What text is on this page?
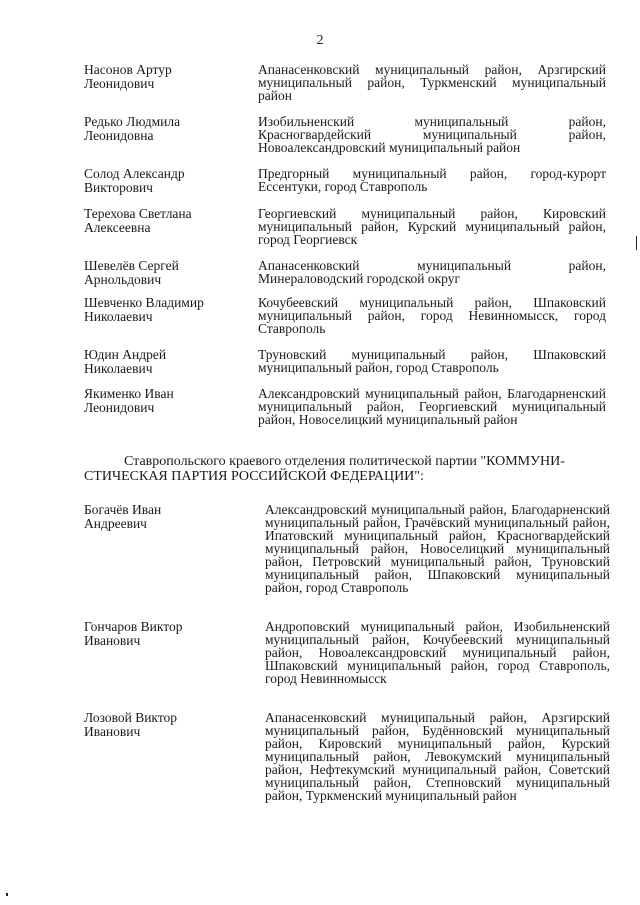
2
Насонов Артур
Леонидович
Апанасенковский муниципальный район, Арзгирский муниципальный район, Туркменский муниципальный район
Редько Людмила
Леонидовна
Изобильненский муниципальный район, Красногвардейский муниципальный район, Новоалександровский муниципальный район
Солод Александр
Викторович
Предгорный муниципальный район, город-курорт Ессентуки, город Ставрополь
Терехова Светлана
Алексеевна
Георгиевский муниципальный район, Кировский муниципальный район, Курский муниципальный район, город Георгиевск
Шевелёв Сергей
Арнольдович
Апанасенковский муниципальный район, Минераловодский городской округ
Шевченко Владимир
Николаевич
Кочубеевский муниципальный район, Шпаковский муниципальный район, город Невинномысск, город Ставрополь
Юдин Андрей
Николаевич
Труновский муниципальный район, Шпаковский муниципальный район, город Ставрополь
Якименко Иван
Леонидович
Александровский муниципальный район, Благодарненский муниципальный район, Георгиевский муниципальный район, Новоселицкий муниципальный район
Ставропольского краевого отделения политической партии "КОММУНИ-
СТИЧЕСКАЯ ПАРТИЯ РОССИЙСКОЙ ФЕДЕРАЦИИ":
Богачёв Иван
Андреевич
Александровский муниципальный район, Благодарненский муниципальный район, Грачёвский муниципальный район, Ипатовский муниципальный район, Красногвардейский муниципальный район, Новоселицкий муниципальный район, Петровский муниципальный район, Труновский муниципальный район, Шпаковский муниципальный район, город Ставрополь
Гончаров Виктор
Иванович
Андроповский муниципальный район, Изобильненский муниципальный район, Кочубеевский муниципальный район, Новоалександровский муниципальный район, Шпаковский муниципальный район, город Ставрополь, город Невинномысск
Лозовой Виктор
Иванович
Апанасенковский муниципальный район, Арзгирский муниципальный район, Будённовский муниципальный район, Кировский муниципальный район, Курский муниципальный район, Левокумский муниципальный район, Нефтекумский муниципальный район, Советский муниципальный район, Степновский муниципальный район, Туркменский муниципальный район
